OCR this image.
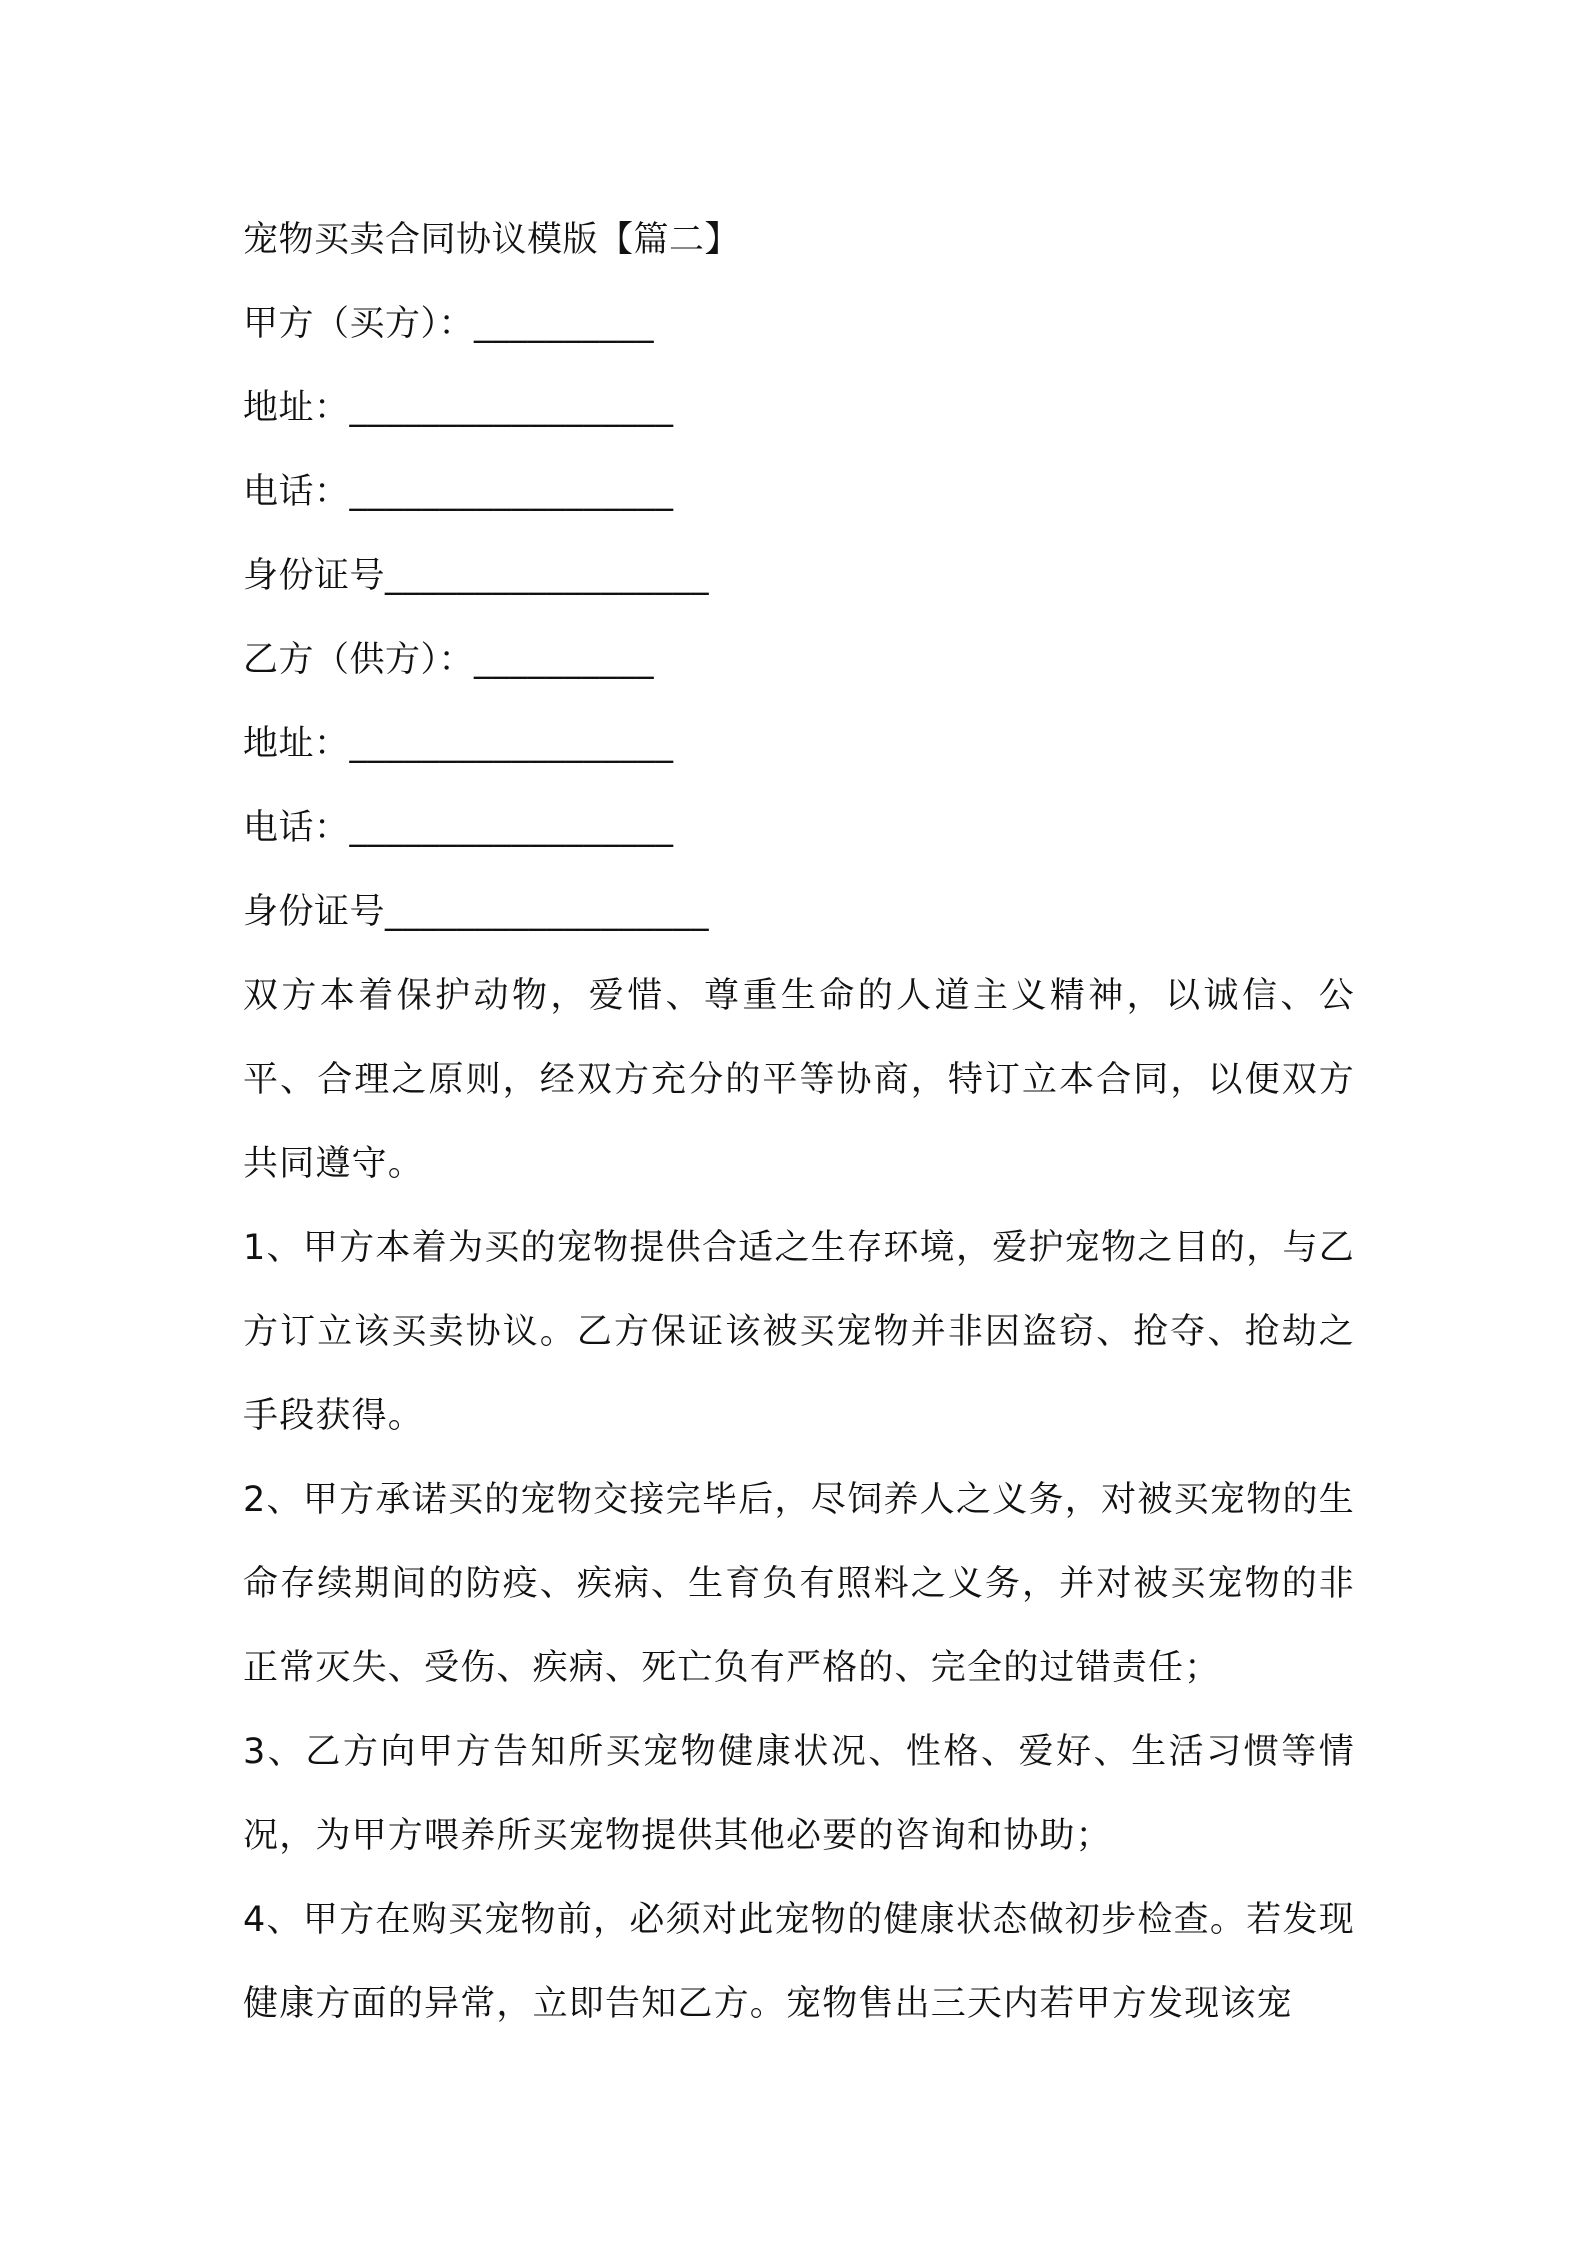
宠物买卖合同协议模版【篇二】
甲方（买方）：__________
地址：__________________
电话：__________________
身份证号__________________
乙方（供方）：__________
地址：__________________
电话：__________________
身份证号__________________
双方本着保护动物，爱惜、尊重生命的人道主义精神，以诚信、公平、合理之原则，经双方充分的平等协商，特订立本合同，以便双方共同遵守。
1、甲方本着为买的宠物提供合适之生存环境，爱护宠物之目的，与乙方订立该买卖协议。乙方保证该被买宠物并非因盗窃、抢夺、抢劫之手段获得。
2、甲方承诺买的宠物交接完毕后，尽饲养人之义务，对被买宠物的生命存续期间的防疫、疾病、生育负有照料之义务，并对被买宠物的非正常灭失、受伤、疾病、死亡负有严格的、完全的过错责任；
3、乙方向甲方告知所买宠物健康状况、性格、爱好、生活习惯等情况，为甲方喂养所买宠物提供其他必要的咨询和协助；
4、甲方在购买宠物前，必须对此宠物的健康状态做初步检查。若发现健康方面的异常，立即告知乙方。宠物售出三天内若甲方发现该宠
